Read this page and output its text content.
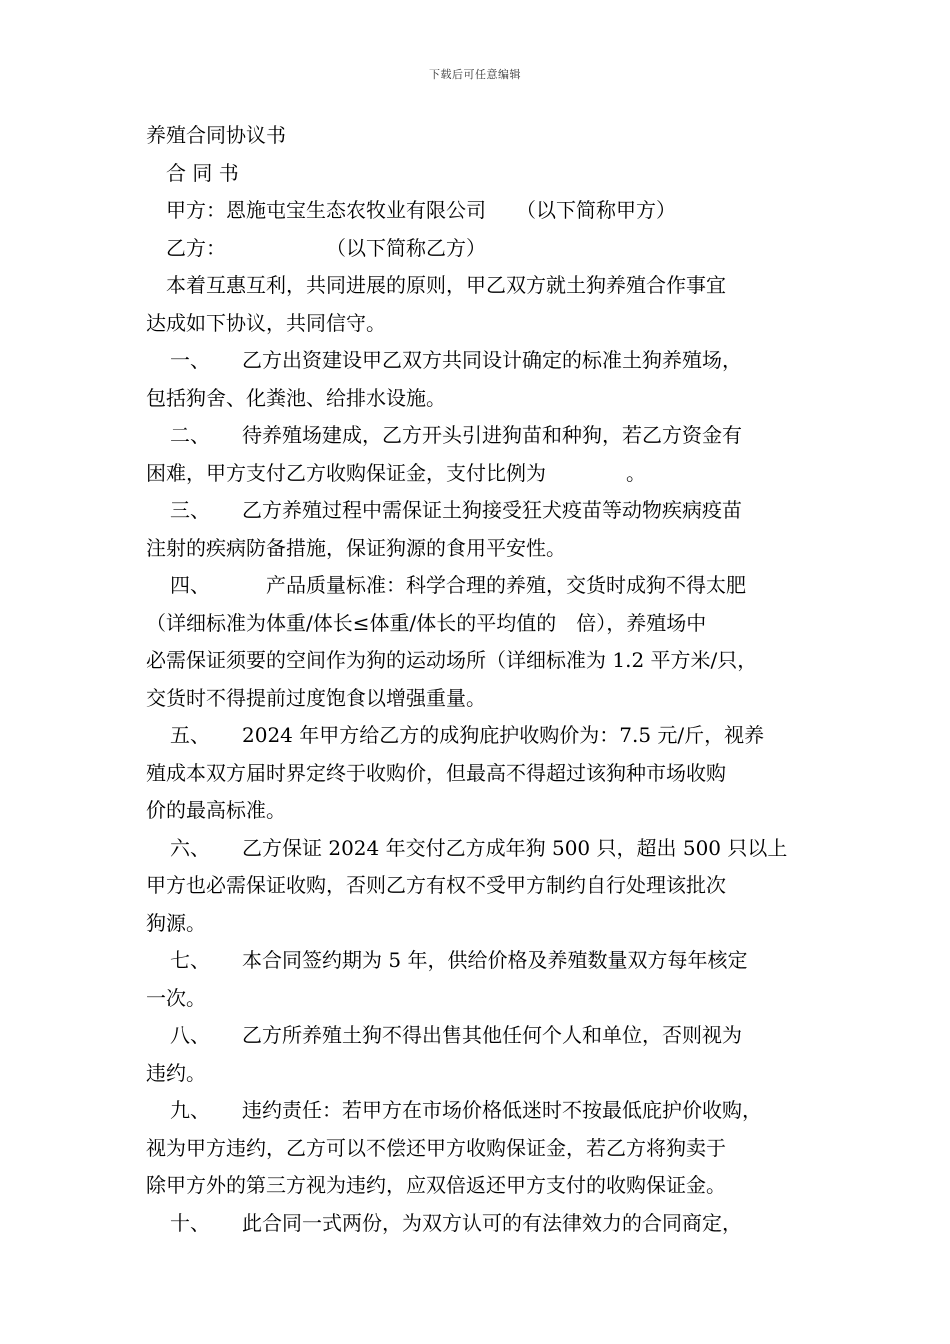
下载后可任意编辑
养殖合同协议书
合 同 书
甲方：恩施屯宝生态农牧业有限公司　　（以下简称甲方）
乙方：　　　　　　（以下简称乙方）
本着互惠互利，共同进展的原则，甲乙双方就土狗养殖合作事宜
达成如下协议，共同信守。
一、 乙方出资建设甲乙双方共同设计确定的标准土狗养殖场，
包括狗舍、化粪池、给排水设施。
二、 待养殖场建成，乙方开头引进狗苗和种狗，若乙方资金有
困难，甲方支付乙方收购保证金，支付比例为　　　　。
三、 乙方养殖过程中需保证土狗接受狂犬疫苗等动物疾病疫苗
注射的疾病防备措施，保证狗源的食用平安性。
四、	产品质量标准：科学合理的养殖，交货时成狗不得太肥
（详细标准为体重/体长≤体重/体长的平均值的　倍），养殖场中
必需保证须要的空间作为狗的运动场所（详细标准为 1.2 平方米/只，
交货时不得提前过度饱食以增强重量。
五、 2024 年甲方给乙方的成狗庇护收购价为：7.5 元/斤，视养
殖成本双方届时界定终于收购价，但最高不得超过该狗种市场收购
价的最高标准。
六、 乙方保证 2024 年交付乙方成年狗 500 只，超出 500 只以上
甲方也必需保证收购，否则乙方有权不受甲方制约自行处理该批次
狗源。
七、 本合同签约期为 5 年，供给价格及养殖数量双方每年核定
一次。
八、 乙方所养殖土狗不得出售其他任何个人和单位，否则视为
违约。
九、 违约责任：若甲方在市场价格低迷时不按最低庇护价收购，
视为甲方违约，乙方可以不偿还甲方收购保证金，若乙方将狗卖于
除甲方外的第三方视为违约，应双倍返还甲方支付的收购保证金。
十、 此合同一式两份，为双方认可的有法律效力的合同商定，
